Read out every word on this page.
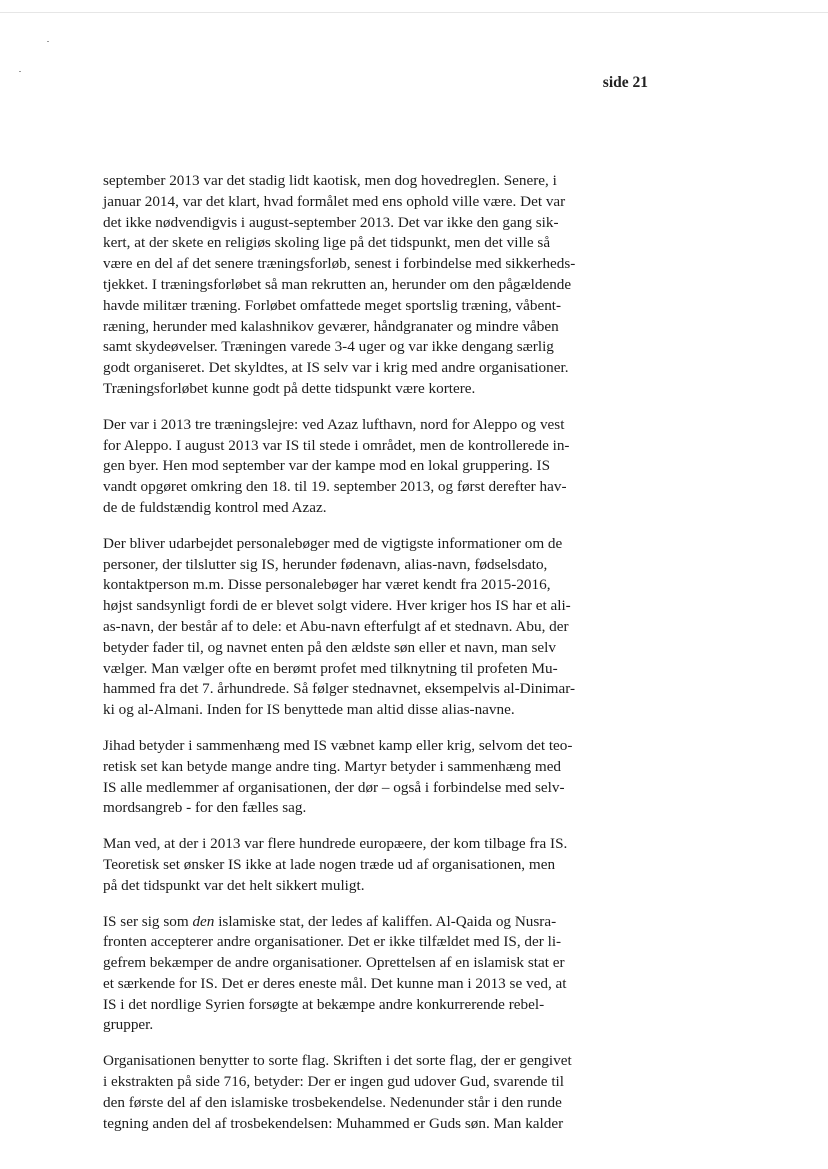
side 21

september 2013 var det stadig lidt kaotisk, men dog hovedreglen. Senere, i
januar 2014, var det klart, hvad formålet med ens ophold ville være. Det var
det ikke nødvendigvis i august-september 2013. Det var ikke den gang sik-
kert, at der skete en religiøs skoling lige på det tidspunkt, men det ville så
være en del af det senere træningsforløb, senest i forbindelse med sikkerheds-
tjekket. I træningsforløbet så man rekrutten an, herunder om den pågældende
havde militær træning. Forløbet omfattede meget sportslig træning, våbent-
ræning, herunder med kalashnikov geværer, håndgranater og mindre våben
samt skydeøvelser. Træningen varede 3-4 uger og var ikke dengang særlig
godt organiseret. Det skyldtes, at IS selv var i krig med andre organisationer.
Træningsforløbet kunne godt på dette tidspunkt være kortere.

Der var i 2013 tre træningslejre: ved Azaz lufthavn, nord for Aleppo og vest
for Aleppo. I august 2013 var IS til stede i området, men de kontrollerede in-
gen byer. Hen mod september var der kampe mod en lokal gruppering. IS
vandt opgøret omkring den 18. til 19. september 2013, og først derefter hav-
de de fuldstændig kontrol med Azaz.

Der bliver udarbejdet personalebøger med de vigtigste informationer om de
personer, der tilslutter sig IS, herunder fødenavn, alias-navn, fødselsdato,
kontaktperson m.m. Disse personalebøger har været kendt fra 2015-2016,
højst sandsynligt fordi de er blevet solgt videre. Hver kriger hos IS har et ali-
as-navn, der består af to dele: et Abu-navn efterfulgt af et stednavn. Abu, der
betyder fader til, og navnet enten på den ældste søn eller et navn, man selv
vælger. Man vælger ofte en berømt profet med tilknytning til profeten Mu-
hammed fra det 7. århundrede. Så følger stednavnet, eksempelvis al-Dinimar-
ki og al-Almani. Inden for IS benyttede man altid disse alias-navne.

Jihad betyder i sammenhæng med IS væbnet kamp eller krig, selvom det teo-
retisk set kan betyde mange andre ting. Martyr betyder i sammenhæng med
IS alle medlemmer af organisationen, der dør – også i forbindelse med selv-
mordsangreb - for den fælles sag.

Man ved, at der i 2013 var flere hundrede europæere, der kom tilbage fra IS.
Teoretisk set ønsker IS ikke at lade nogen træde ud af organisationen, men
på det tidspunkt var det helt sikkert muligt.

IS ser sig som den islamiske stat, der ledes af kaliffen. Al-Qaida og Nusra-
fronten accepterer andre organisationer. Det er ikke tilfældet med IS, der li-
gefrem bekæmper de andre organisationer. Oprettelsen af en islamisk stat er
et særkende for IS. Det er deres eneste mål. Det kunne man i 2013 se ved, at
IS i det nordlige Syrien forsøgte at bekæmpe andre konkurrerende rebel-
grupper.

Organisationen benytter to sorte flag. Skriften i det sorte flag, der er gengivet
i ekstrakten på side 716, betyder: Der er ingen gud udover Gud, svarende til
den første del af den islamiske trosbekendelse. Nedenunder står i den runde
tegning anden del af trosbekendelsen: Muhammed er Guds søn. Man kalder
